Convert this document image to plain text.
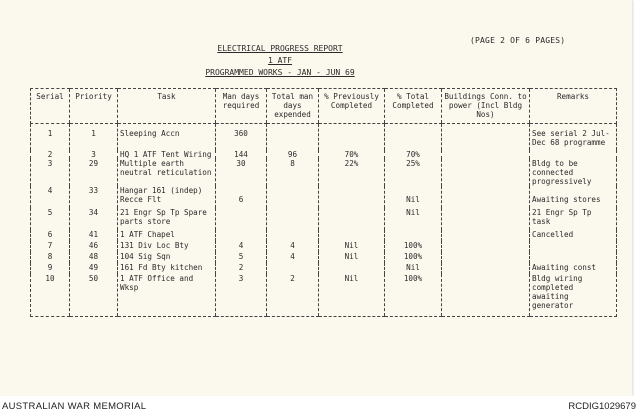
(PAGE 2 OF 6 PAGES)
ELECTRICAL PROGRESS REPORT
1 ATF
PROGRAMMED WORKS - JAN - JUN 69
Serial	Priority	Task	Man days required	Total man days expended	% Previously Completed	% Total Completed	Buildings Conn. to power (Incl Bldg Nos)	Remarks
1	1	Sleeping Accn	360					See serial 2 Jul-Dec 68 programme
2	3	HQ 1 ATF Tent Wiring	144	96	70%	70%		
3	29	Multiple earth neutral reticulation	30	8	22%	25%		Bldg to be connected progressively
4	33	Hangar 161 (indep) Recce Flt	6			Nil		Awaiting stores
5	34	21 Engr Sp Tp Spare parts store				Nil		21 Engr Sp Tp task
6	41	1 ATF Chapel						Cancelled
7	46	131 Div Loc Bty	4	4	Nil	100%		
8	48	104 Sig Sqn	5	4	Nil	100%		
9	49	161 Fd Bty kitchen	2			Nil		Awaiting const
10	50	1 ATF Office and Wksp	3	2	Nil	100%		Bldg wiring completed awaiting generator
AUSTRALIAN WAR MEMORIAL	RCDIG1029679
